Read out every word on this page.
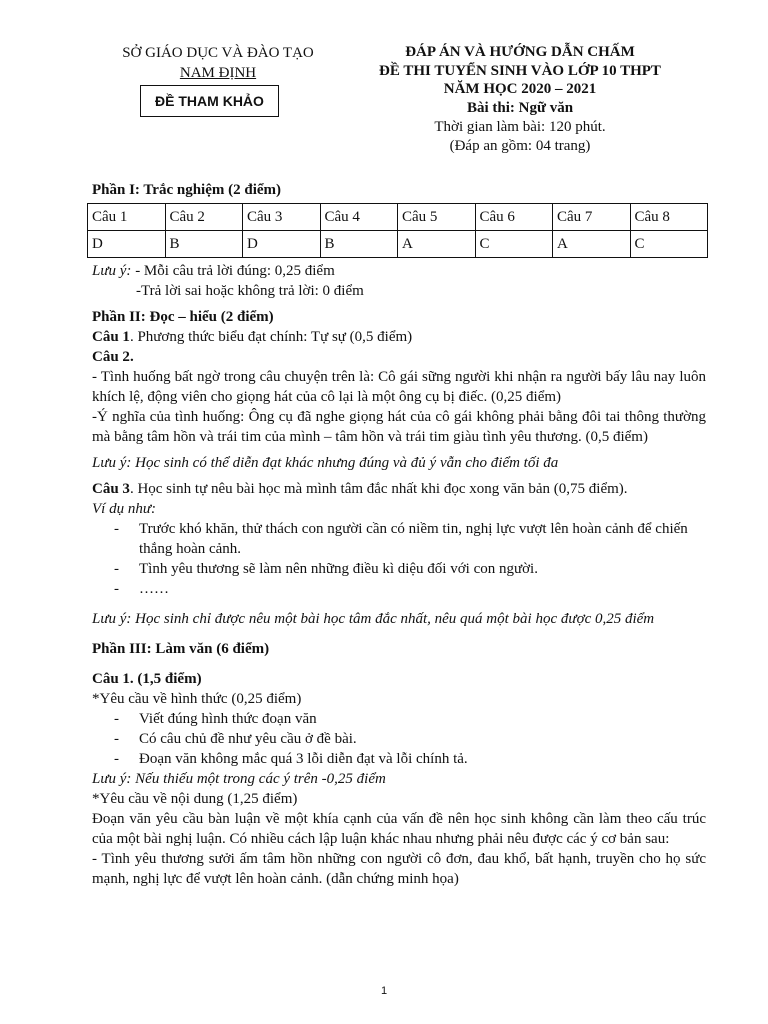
SỞ GIÁO DỤC VÀ ĐÀO TẠO
NAM ĐỊNH
ĐỀ THAM KHẢO
ĐÁP ÁN VÀ HƯỚNG DẪN CHẤM
ĐỀ THI TUYỂN SINH VÀO LỚP 10 THPT
NĂM HỌC 2020 – 2021
Bài thi: Ngữ văn
Thời gian làm bài: 120 phút.
(Đáp an gồm: 04 trang)
Phần I: Trắc nghiệm (2 điểm)
Câu 1	Câu 2	Câu 3	Câu 4	Câu 5	Câu 6	Câu 7	Câu 8
D	B	D	B	A	C	A	C
Lưu ý: - Mỗi câu trả lời đúng: 0,25 điểm
-Trả lời sai hoặc không trả lời: 0 điểm
Phần II: Đọc – hiểu (2 điểm)
Câu 1. Phương thức biểu đạt chính: Tự sự (0,5 điểm)
Câu 2.
- Tình huống bất ngờ trong câu chuyện trên là: Cô gái sững người khi nhận ra người bấy lâu nay luôn khích lệ, động viên cho giọng hát của cô lại là một ông cụ bị điếc. (0,25 điểm)
-Ý nghĩa của tình huống: Ông cụ đã nghe giọng hát của cô gái không phải bằng đôi tai thông thường mà bằng tâm hồn và trái tim của mình – tâm hồn và trái tim giàu tình yêu thương. (0,5 điểm)
Lưu ý: Học sinh có thể diễn đạt khác nhưng đúng và đủ ý vẫn cho điểm tối đa
Câu 3. Học sinh tự nêu bài học mà mình tâm đắc nhất khi đọc xong văn bản (0,75 điểm).
Ví dụ như:
- Trước khó khăn, thử thách con người cần có niềm tin, nghị lực vượt lên hoàn cảnh để chiến thắng hoàn cảnh.
- Tình yêu thương sẽ làm nên những điều kì diệu đối với con người.
- ……
Lưu ý: Học sinh chỉ được nêu một bài học tâm đắc nhất, nêu quá một bài học được 0,25 điểm
Phần III: Làm văn (6 điểm)
Câu 1. (1,5 điểm)
*Yêu cầu về hình thức (0,25 điểm)
- Viết đúng hình thức đoạn văn
- Có câu chủ đề như yêu cầu ở đề bài.
- Đoạn văn không mắc quá 3 lỗi diễn đạt và lỗi chính tả.
Lưu ý: Nếu thiếu một trong các ý trên -0,25 điểm
*Yêu cầu về nội dung (1,25 điểm)
Đoạn văn yêu cầu bàn luận về một khía cạnh của vấn đề nên học sinh không cần làm theo cấu trúc của một bài nghị luận. Có nhiều cách lập luận khác nhau nhưng phải nêu được các ý cơ bản sau:
- Tình yêu thương sưởi ấm tâm hồn những con người cô đơn, đau khổ, bất hạnh, truyền cho họ sức mạnh, nghị lực để vượt lên hoàn cảnh. (dẫn chứng minh họa)
1
